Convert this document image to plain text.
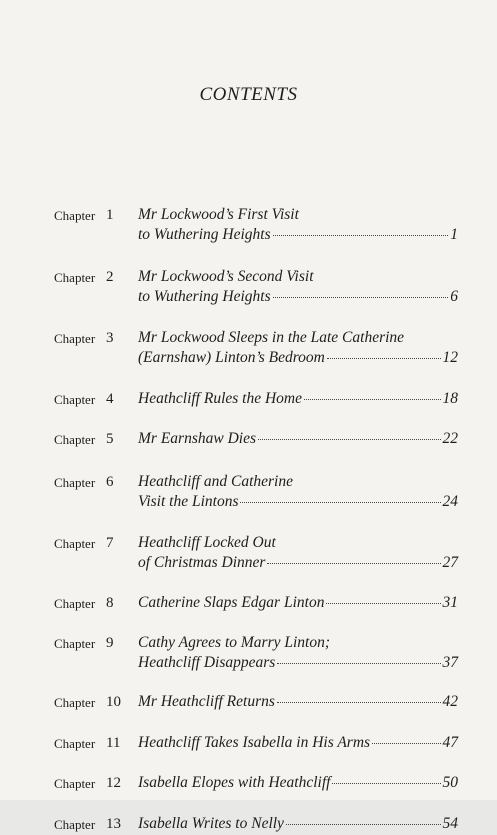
CONTENTS
Chapter 1	Mr Lockwood’s First Visit
to Wuthering Heights	1
Chapter 2	Mr Lockwood’s Second Visit
to Wuthering Heights	6
Chapter 3	Mr Lockwood Sleeps in the Late Catherine
(Earnshaw) Linton’s Bedroom	12
Chapter 4	Heathcliff Rules the Home	18
Chapter 5	Mr Earnshaw Dies	22
Chapter 6	Heathcliff and Catherine
Visit the Lintons	24
Chapter 7	Heathcliff Locked Out
of Christmas Dinner	27
Chapter 8	Catherine Slaps Edgar Linton	31
Chapter 9	Cathy Agrees to Marry Linton;
Heathcliff Disappears	37
Chapter 10	Mr Heathcliff Returns	42
Chapter 11	Heathcliff Takes Isabella in His Arms	47
Chapter 12	Isabella Elopes with Heathcliff	50
Chapter 13	Isabella Writes to Nelly	54
